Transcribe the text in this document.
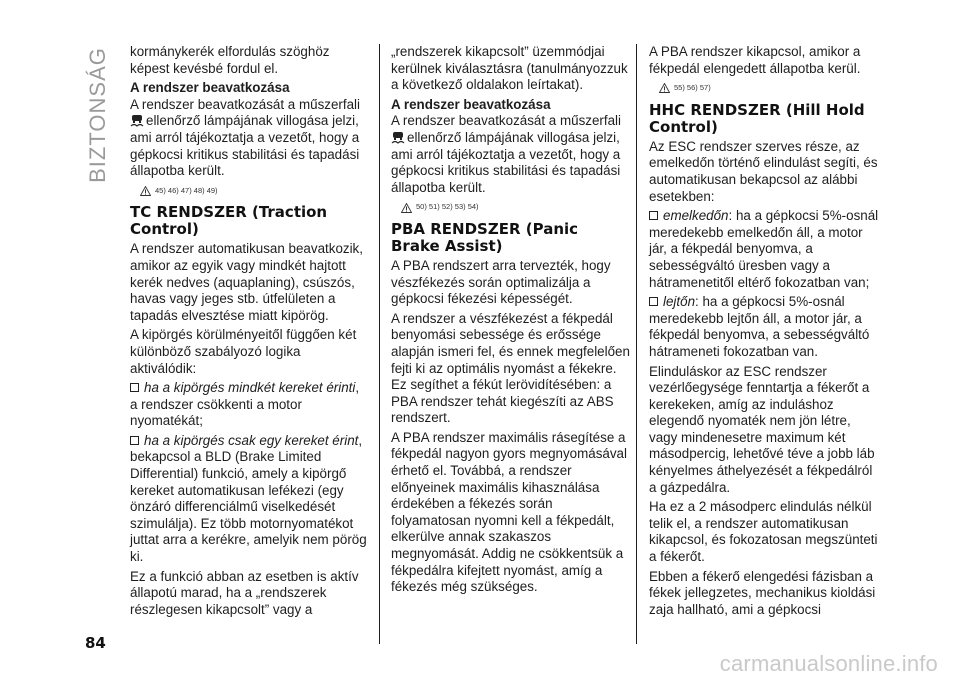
BIZTONSÁG kormánykerék elfordulás szöghöz képest kevésbé fordul el.

A rendszer beavatkozása

A rendszer beavatkozását a műszerfali
ellenőrző lámpájának villogása jelzi, ami arról tájékoztatja a vezetőt, hogy a gépkocsi kritikus stabilitási és tapadási állapotba került.

45) 46) 47) 48) 49)
TC RENDSZER (Traction Control)

A rendszer automatikusan beavatkozik, amikor az egyik vagy mindkét hajtott kerék nedves (aquaplaning), csúszós, havas vagy jeges stb. útfelületen a tapadás elvesztése miatt kipörög.

A kipörgés körülményeitől függően két különböző szabályozó logika aktiválódik:

ha a kipörgés mindkét kereket érinti, a rendszer csökkenti a motor nyomatékát;

ha a kipörgés csak egy kereket érint, bekapcsol a BLD (Brake Limited Differential) funkció, amely a kipörgő kereket automatikusan lefékezi (egy önzáró differenciálmű viselkedését szimulálja). Ez több motornyomatékot juttat arra a kerékre, amelyik nem pörög ki.

Ez a funkció abban az esetben is aktív állapotú marad, ha a „rendszerek részlegesen kikapcsolt” vagy a

„rendszerek kikapcsolt” üzemmódjai kerülnek kiválasztásra (tanulmányozzuk a következő oldalakon leírtakat).

A rendszer beavatkozása

A rendszer beavatkozását a műszerfali
ellenőrző lámpájának villogása jelzi, ami arról tájékoztatja a vezetőt, hogy a gépkocsi kritikus stabilitási és tapadási állapotba került.

50) 51) 52) 53) 54)
PBA RENDSZER (Panic Brake Assist)

A PBA rendszert arra tervezték, hogy vészfékezés során optimalizálja a gépkocsi fékezési képességét.

A rendszer a vészfékezést a fékpedál benyomási sebessége és erőssége alapján ismeri fel, és ennek megfelelően fejti ki az optimális nyomást a fékekre. Ez segíthet a fékút lerövidítésében: a PBA rendszer tehát kiegészíti az ABS rendszert.

A PBA rendszer maximális rásegítése a fékpedál nagyon gyors megnyomásával érhető el. Továbbá, a rendszer előnyeinek maximális kihasználása érdekében a fékezés során folyamatosan nyomni kell a fékpedált, elkerülve annak szakaszos megnyomását. Addig ne csökkentsük a fékpedálra kifejtett nyomást, amíg a fékezés még szükséges.

A PBA rendszer kikapcsol, amikor a fékpedál elengedett állapotba kerül.

55) 56) 57)
HHC RENDSZER (Hill Hold Control)

Az ESC rendszer szerves része, az emelkedőn történő elindulást segíti, és automatikusan bekapcsol az alábbi esetekben:

emelkedőn: ha a gépkocsi 5%-osnál meredekebb emelkedőn áll, a motor jár, a fékpedál benyomva, a sebességváltó üresben vagy a hátramenetitől eltérő fokozatban van;

lejtőn: ha a gépkocsi 5%-osnál meredekebb lejtőn áll, a motor jár, a fékpedál benyomva, a sebességváltó hátrameneti fokozatban van.

Elinduláskor az ESC rendszer vezérlőegysége fenntartja a fékerőt a kerekeken, amíg az induláshoz elegendő nyomaték nem jön létre, vagy mindenesetre maximum két másodpercig, lehetővé téve a jobb láb kényelmes áthelyezését a fékpedálról a gázpedálra.

Ha ez a 2 másodperc elindulás nélkül telik el, a rendszer automatikusan kikapcsol, és fokozatosan megszünteti a fékerőt.

Ebben a fékerő elengedési fázisban a fékek jellegzetes, mechanikus kioldási zaja hallható, ami a gépkocsi

84
carmanualsonline.info
